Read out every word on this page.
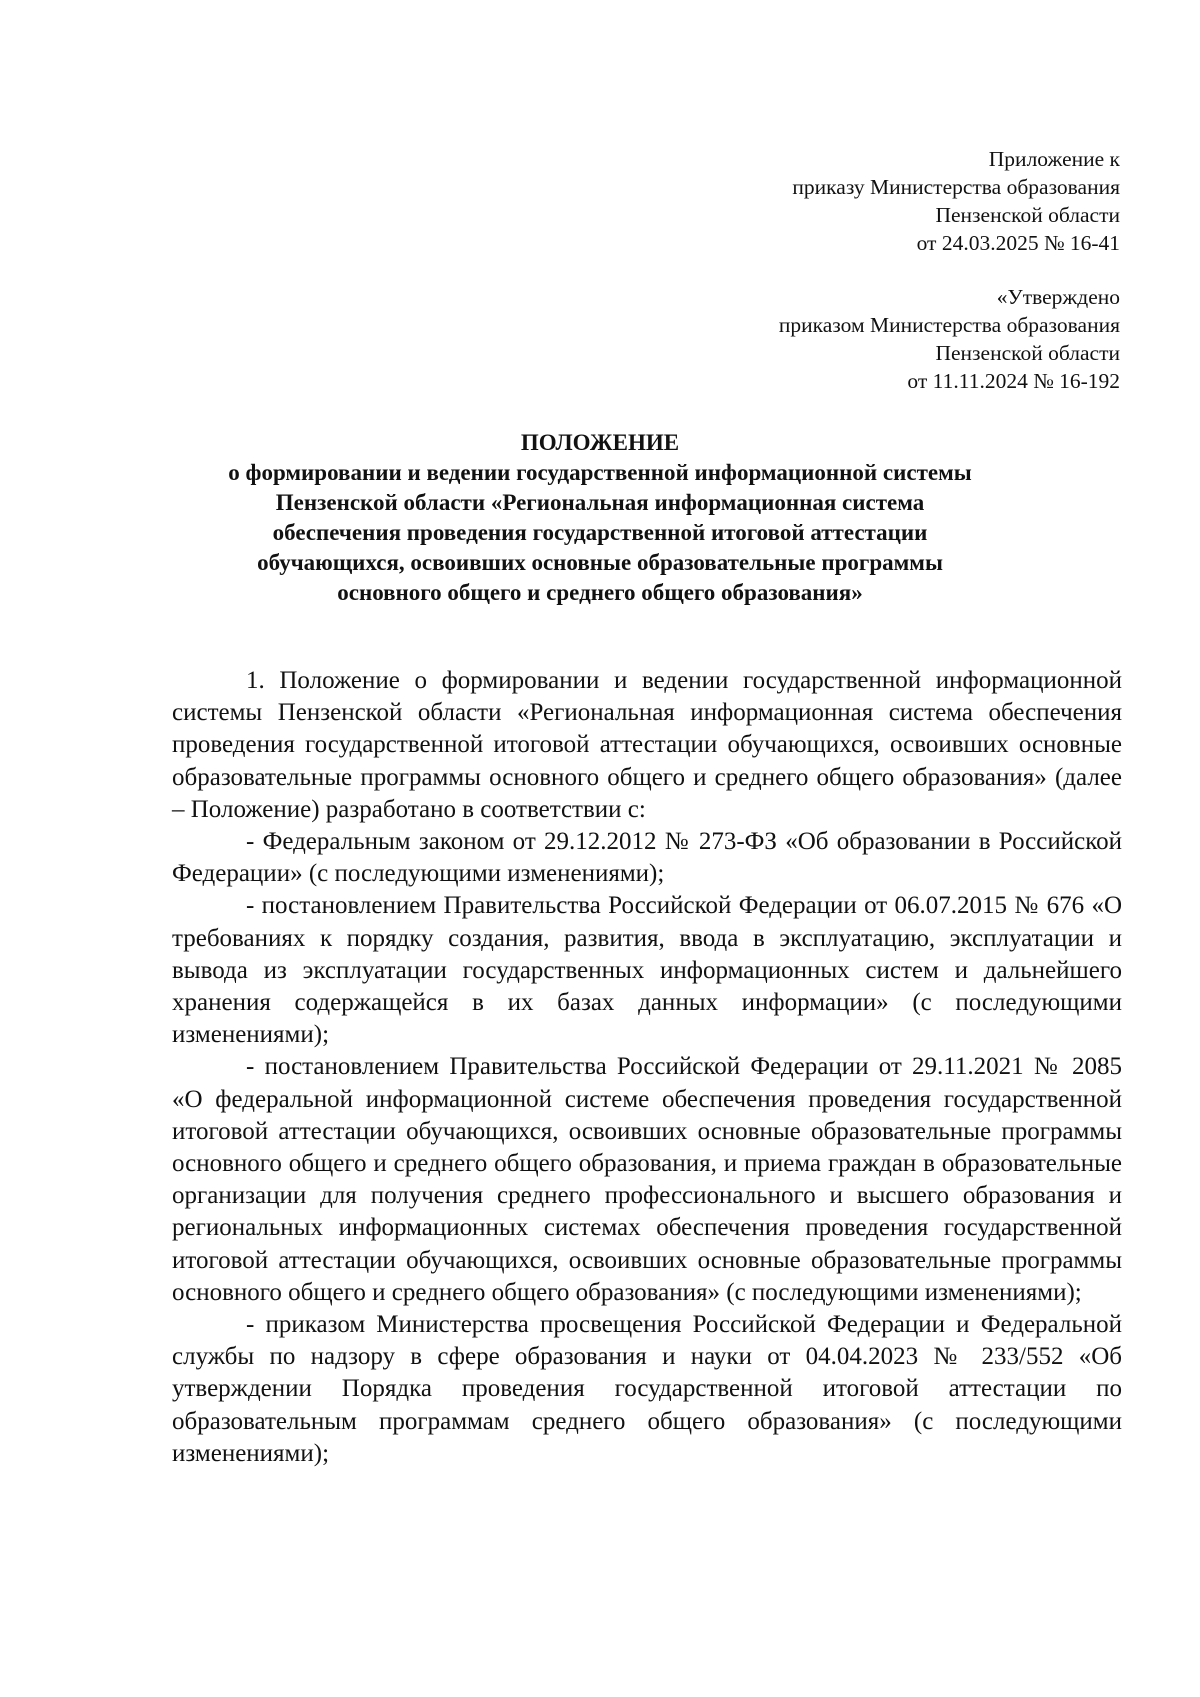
Приложение к
приказу Министерства образования
Пензенской области
от 24.03.2025 № 16-41
«Утверждено
приказом Министерства образования
Пензенской области
от 11.11.2024 № 16-192
ПОЛОЖЕНИЕ
о формировании и ведении государственной информационной системы
Пензенской области «Региональная информационная система
обеспечения проведения государственной итоговой аттестации
обучающихся, освоивших основные образовательные программы
основного общего и среднего общего образования»

1. Положение о формировании и ведении государственной информационной системы Пензенской области «Региональная информационная система обеспечения проведения государственной итоговой аттестации обучающихся, освоивших основные образовательные программы основного общего и среднего общего образования» (далее – Положение) разработано в соответствии с:

- Федеральным законом от 29.12.2012 № 273-ФЗ «Об образовании в Российской Федерации» (с последующими изменениями);

- постановлением Правительства Российской Федерации от 06.07.2015 № 676 «О требованиях к порядку создания, развития, ввода в эксплуатацию, эксплуатации и вывода из эксплуатации государственных информационных систем и дальнейшего хранения содержащейся в их базах данных информации» (с последующими изменениями);

- постановлением Правительства Российской Федерации от 29.11.2021 № 2085 «О федеральной информационной системе обеспечения проведения государственной итоговой аттестации обучающихся, освоивших основные образовательные программы основного общего и среднего общего образования, и приема граждан в образовательные организации для получения среднего профессионального и высшего образования и региональных информационных системах обеспечения проведения государственной итоговой аттестации обучающихся, освоивших основные образовательные программы основного общего и среднего общего образования» (с последующими изменениями);

- приказом Министерства просвещения Российской Федерации и Федеральной службы по надзору в сфере образования и науки от 04.04.2023 № 233/552 «Об утверждении Порядка проведения государственной итоговой аттестации по образовательным программам среднего общего образования» (с последующими изменениями);
